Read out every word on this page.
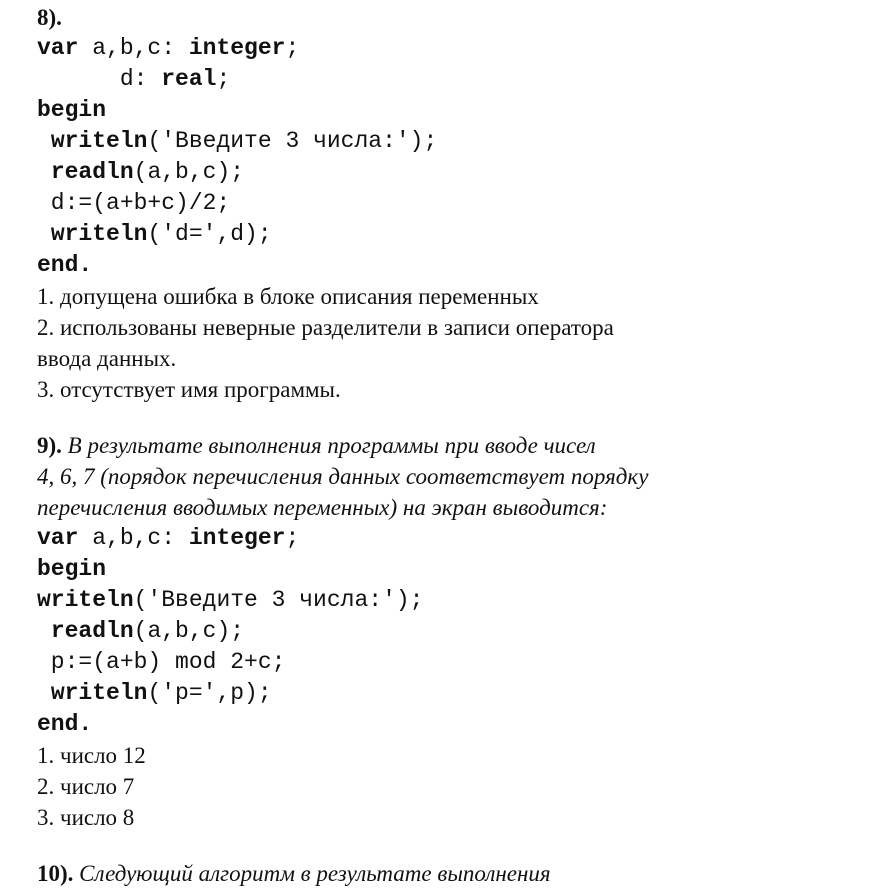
8).
var a,b,c: integer;
d: real;
begin
writeln('Введите 3 числа:');
readln(a,b,c);
d:=(a+b+c)/2;
writeln('d=',d);
end.
1. допущена ошибка в блоке описания переменных
2. использованы неверные разделители в записи оператора
ввода данных.
3. отсутствует имя программы.
9). В результате выполнения программы при вводе чисел
4, 6, 7 (порядок перечисления данных соответствует порядку
перечисления вводимых переменных) на экран выводится:
var a,b,c: integer;
begin
writeln('Введите 3 числа:');
readln(a,b,c);
p:=(a+b) mod 2+c;
writeln('p=',p);
end.
1. число 12
2. число 7
3. число 8
10). Следующий алгоритм в результате выполнения
